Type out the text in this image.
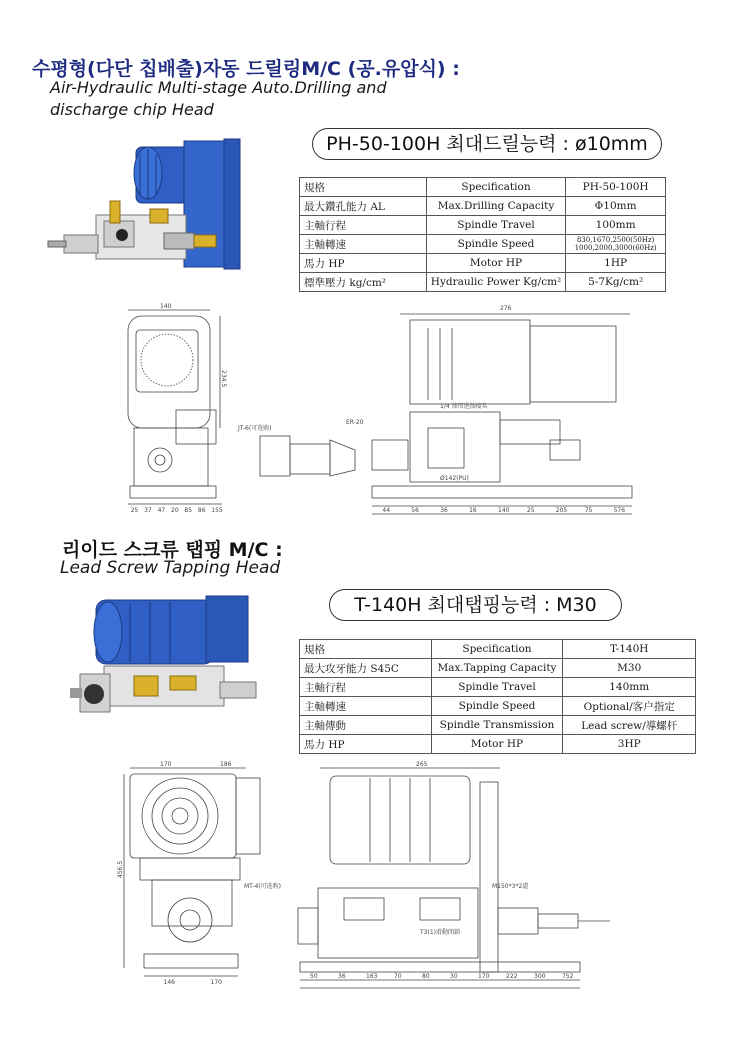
수평형(다단 칩배출)자동 드릴링M/C (공.유압식) :
Air-Hydraulic Multi-stage Auto.Drilling and
discharge chip Head
PH-50-100H 최대드릴능력 : ø10mm
規格	Specification	PH-50-100H
最大鑽孔能力 AL	Max.Drilling Capacity	Φ10mm
主軸行程	Spindle Travel	100mm
主軸轉速	Spindle Speed	830,1670,2500(50Hz)
1000,2000,3000(60Hz)

馬力 HP	Motor HP	1HP
標準壓力 kg/cm²	Hydraulic Power Kg/cm²	5-7Kg/cm²
140
234.5
JT-6(可选购)
276
ER-20
1/4 油压进油接头
Ø142(PU)
25 37 47 20 85 86 155	44	56	36	16	140	25	205	75	576
리이드 스크류 탭핑 M/C :
Lead Screw Tapping Head
T-140H 최대탭핑능력 : M30
規格	Specification	T-140H
最大攻牙能力 S45C	Max.Tapping Capacity	M30
主軸行程	Spindle Travel	140mm
主軸轉速	Spindle Speed	Optional/客户指定
主軸傳動	Spindle Transmission	Lead screw/導螺杆
馬力 HP	Motor HP	3HP
170	186
456.5
MT-4(可选购)
265
M150*3*2道
T3(1)滑動閉鎖
146	170
50	36	163	70	80	30	170	222	300	752
